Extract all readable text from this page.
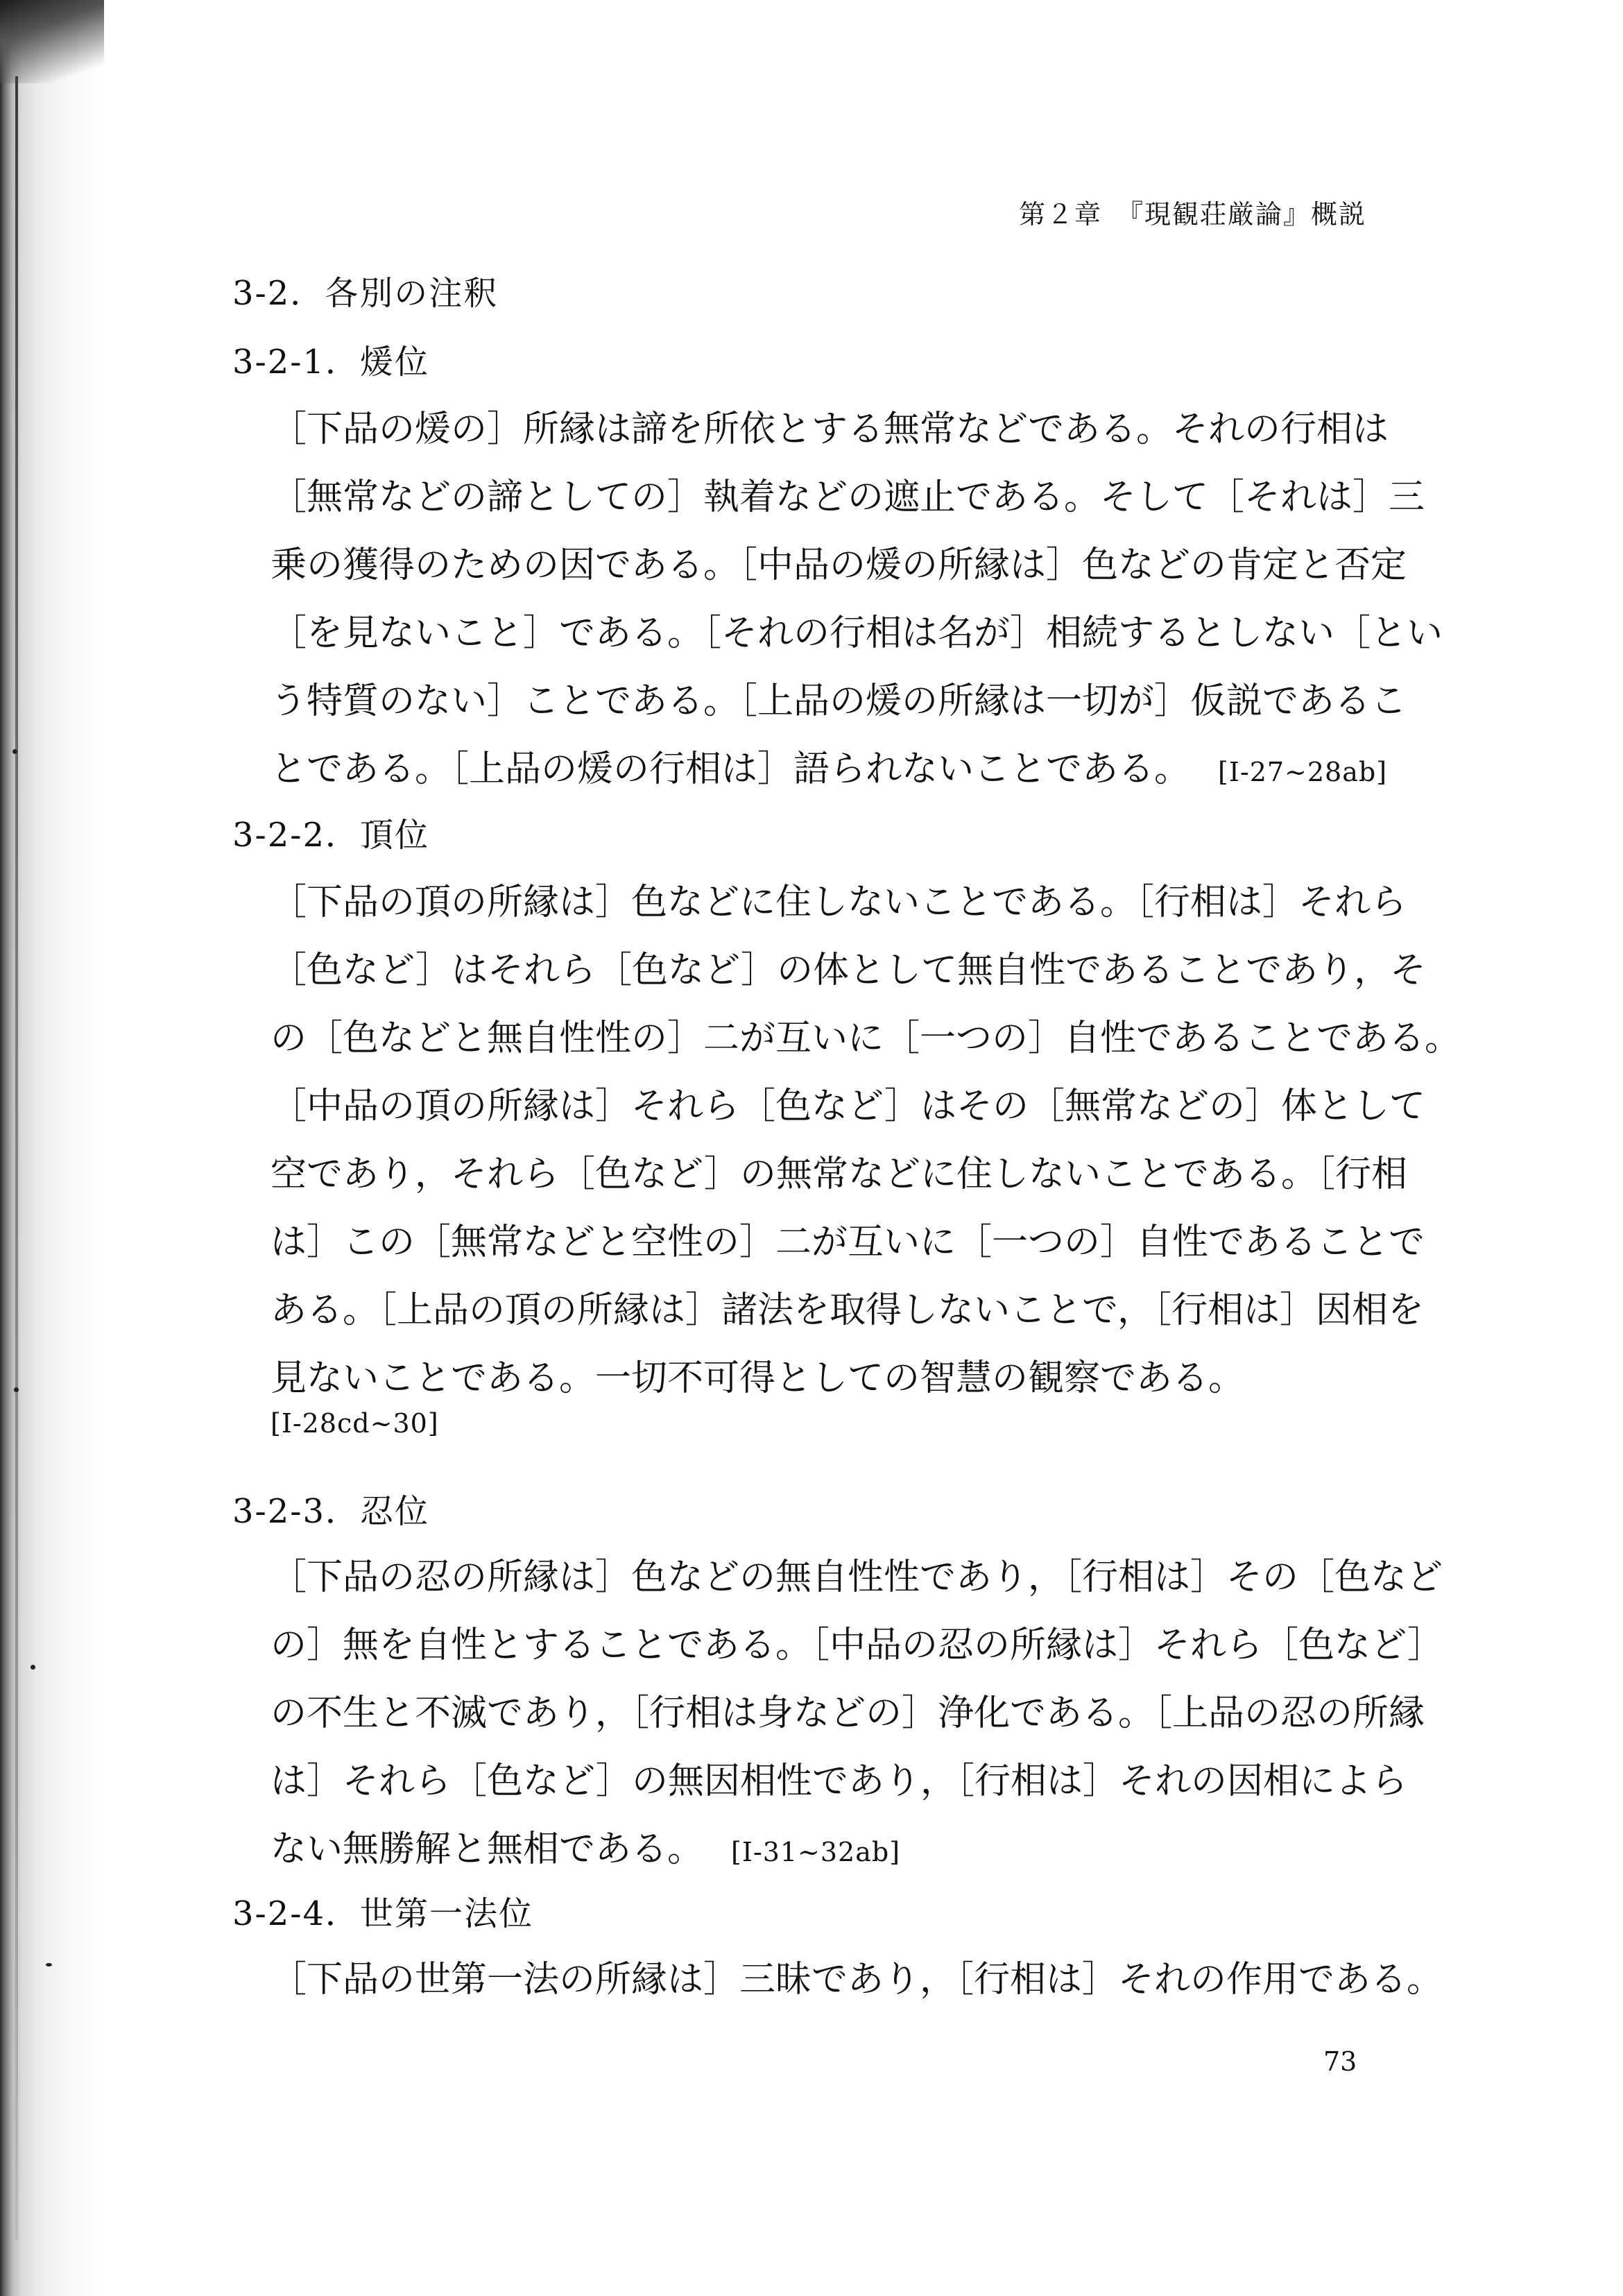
第２章　『現観荘厳論』概説
3-2．各別の注釈
3-2-1．煖位
［下品の煖の］所縁は諦を所依とする無常などである。それの行相は
［無常などの諦としての］執着などの遮止である。そして［それは］三
乗の獲得のための因である。［中品の煖の所縁は］色などの肯定と否定
［を見ないこと］である。［それの行相は名が］相続するとしない［とい
う特質のない］ことである。［上品の煖の所縁は一切が］仮説であるこ
とである。［上品の煖の行相は］語られないことである。 [I-27~28ab]
3-2-2．頂位
［下品の頂の所縁は］色などに住しないことである。［行相は］それら
［色など］はそれら［色など］の体として無自性であることであり，そ
の［色などと無自性性の］二が互いに［一つの］自性であることである。
［中品の頂の所縁は］それら［色など］はその［無常などの］体として
空であり，それら［色など］の無常などに住しないことである。［行相
は］この［無常などと空性の］二が互いに［一つの］自性であることで
ある。［上品の頂の所縁は］諸法を取得しないことで，［行相は］因相を
見ないことである。一切不可得としての智慧の観察である。
[I-28cd~30]
3-2-3．忍位
［下品の忍の所縁は］色などの無自性性であり，［行相は］その［色など
の］無を自性とすることである。［中品の忍の所縁は］それら［色など］
の不生と不滅であり，［行相は身などの］浄化である。［上品の忍の所縁
は］それら［色など］の無因相性であり，［行相は］それの因相によら
ない無勝解と無相である。 [I-31~32ab]
3-2-4．世第一法位
［下品の世第一法の所縁は］三昧であり，［行相は］それの作用である。
73
